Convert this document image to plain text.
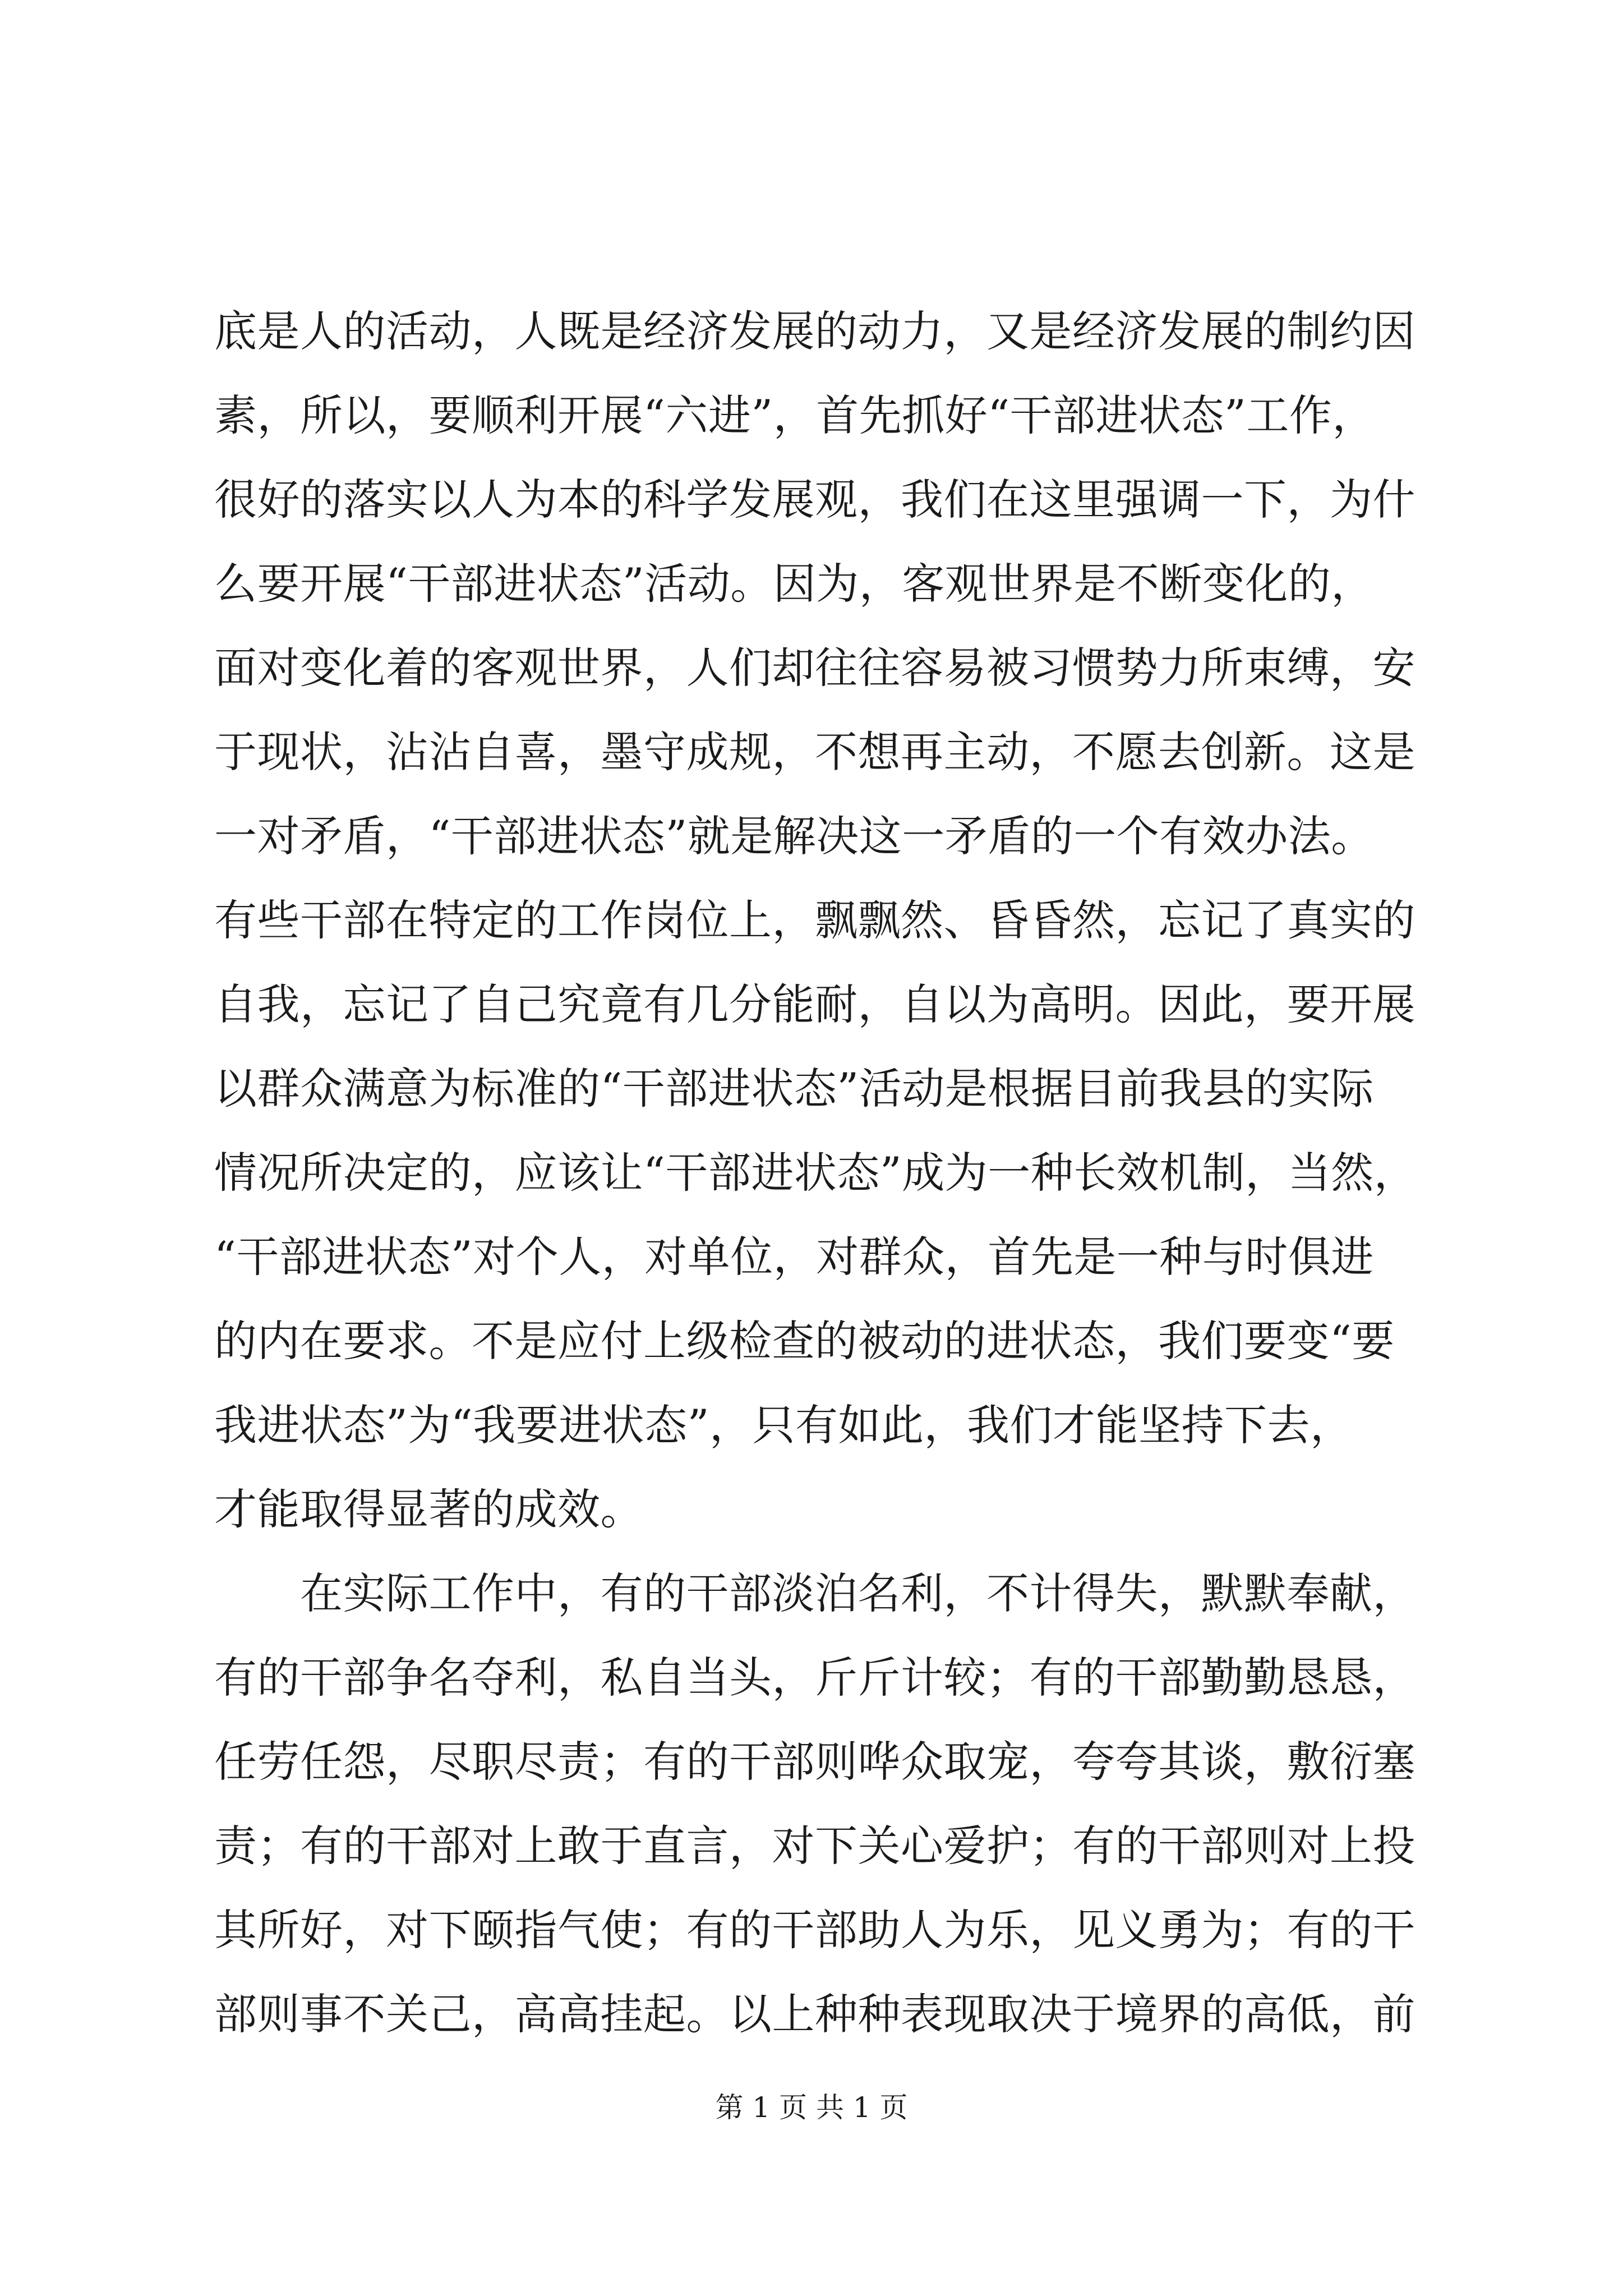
底是人的活动，人既是经济发展的动力，又是经济发展的制约因
素，所以，要顺利开展“六进”，首先抓好“干部进状态”工作，
很好的落实以人为本的科学发展观，我们在这里强调一下，为什
么要开展“干部进状态”活动。因为，客观世界是不断变化的，
面对变化着的客观世界，人们却往往容易被习惯势力所束缚，安
于现状，沾沾自喜，墨守成规，不想再主动，不愿去创新。这是
一对矛盾，“干部进状态”就是解决这一矛盾的一个有效办法。
有些干部在特定的工作岗位上，飘飘然、昏昏然，忘记了真实的
自我，忘记了自己究竟有几分能耐，自以为高明。因此，要开展
以群众满意为标准的“干部进状态”活动是根据目前我县的实际
情况所决定的，应该让“干部进状态”成为一种长效机制，当然，
“干部进状态”对个人，对单位，对群众，首先是一种与时俱进
的内在要求。不是应付上级检查的被动的进状态，我们要变“要
我进状态”为“我要进状态”，只有如此，我们才能坚持下去，
才能取得显著的成效。
　　在实际工作中，有的干部淡泊名利，不计得失，默默奉献，
有的干部争名夺利，私自当头，斤斤计较；有的干部勤勤恳恳，
任劳任怨，尽职尽责；有的干部则哗众取宠，夸夸其谈，敷衍塞
责；有的干部对上敢于直言，对下关心爱护；有的干部则对上投
其所好，对下颐指气使；有的干部助人为乐，见义勇为；有的干
部则事不关己，高高挂起。以上种种表现取决于境界的高低，前
第 1 页 共 1 页
